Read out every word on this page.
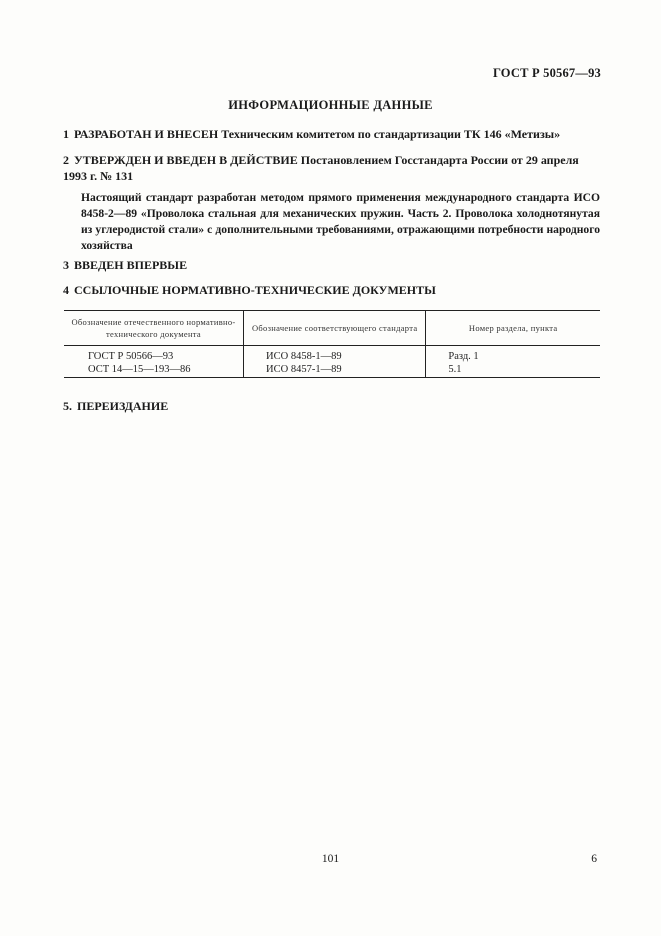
ГОСТ Р 50567—93
ИНФОРМАЦИОННЫЕ ДАННЫЕ
1 РАЗРАБОТАН И ВНЕСЕН Техническим комитетом по стандартизации ТК 146 «Метизы»
2 УТВЕРЖДЕН И ВВЕДЕН В ДЕЙСТВИЕ Постановлением Госстандарта России от 29 апреля 1993 г. № 131
Настоящий стандарт разработан методом прямого применения международного стандарта ИСО 8458-2—89 «Проволока стальная для механических пружин. Часть 2. Проволока холоднотянутая из углеродистой стали» с дополнительными требованиями, отражающими потребности народного хозяйства
3 ВВЕДЕН ВПЕРВЫЕ
4 ССЫЛОЧНЫЕ НОРМАТИВНО-ТЕХНИЧЕСКИЕ ДОКУМЕНТЫ
Обозначение отечественного нормативно-технического документа	Обозначение соответствующего стандарта	Номер раздела, пункта
ГОСТ Р 50566—93	ИСО 8458-1—89	Разд. 1
ОСТ 14—15—193—86	ИСО 8457-1—89	5.1
5. ПЕРЕИЗДАНИЕ
101	6
